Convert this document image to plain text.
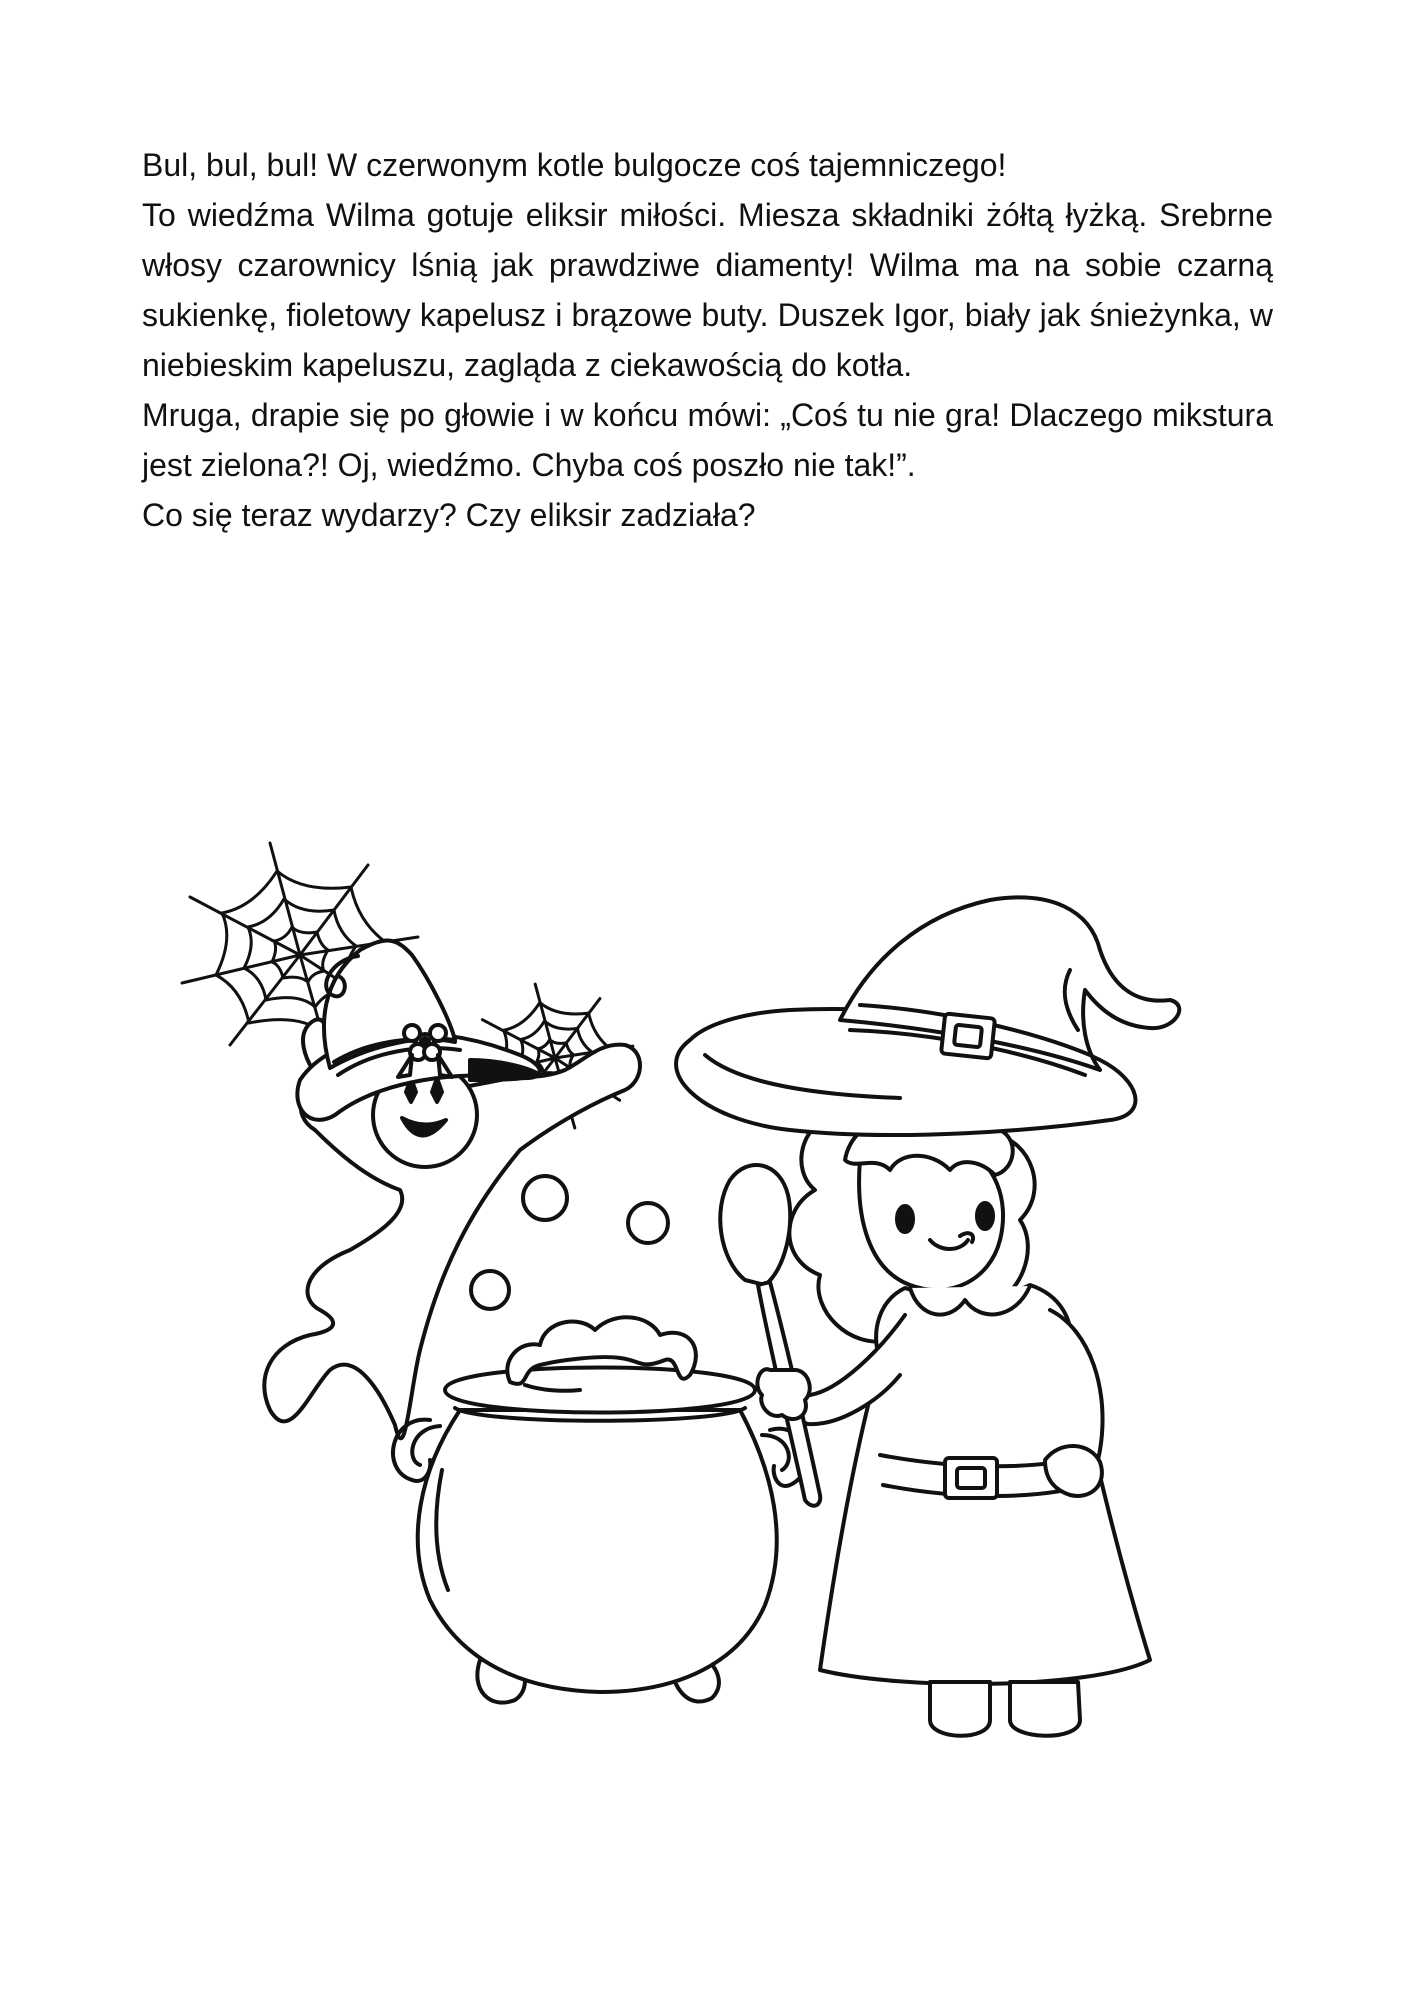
Bul, bul, bul! W czerwonym kotle bulgocze coś tajemniczego!

To wiedźma Wilma gotuje eliksir miłości. Miesza składniki żółtą łyżką. Srebrne włosy czarownicy lśnią jak prawdziwe diamenty! Wilma ma na sobie czarną sukienkę, fioletowy kapelusz i brązowe buty. Duszek Igor, biały jak śnieżynka, w niebieskim kapeluszu, zagląda z ciekawością do kotła.

Mruga, drapie się po głowie i w końcu mówi: „Coś tu nie gra! Dlaczego mikstura jest zielona?! Oj, wiedźmo. Chyba coś poszło nie tak!”.

Co się teraz wydarzy? Czy eliksir zadziała?
